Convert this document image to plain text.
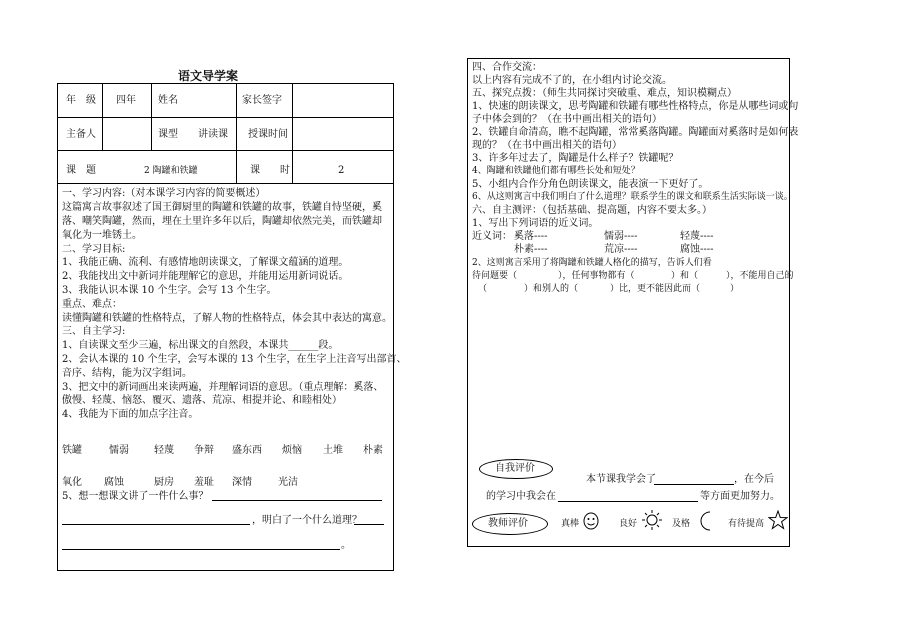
语文导学案
年　级 四年 姓名	家长签字
主备人	课型 讲读课 授课时间
课　题	2 陶罐和铁罐	课　　时	2
一、学习内容:（对本课学习内容的简要概述）
这篇寓言故事叙述了国王御厨里的陶罐和铁罐的故事，铁罐自恃坚硬，奚
落、嘲笑陶罐，然而，埋在土里许多年以后，陶罐却依然完美，而铁罐却
氧化为一堆锈土。
二、学习目标:
1、我能正确、流利、有感情地朗读课文，了解课文蕴涵的道理。
2、我能找出文中新词并能理解它的意思，并能用运用新词说话。
3、我能认识本课 10 个生字。会写 13 个生字。
重点、难点：
读懂陶罐和铁罐的性格特点，了解人物的性格特点，体会其中表达的寓意。
三、自主学习:
1、自读课文至少三遍，标出课文的自然段，本课共______段。
2、会认本课的 10 个生字，会写本课的 13 个生字，在生字上注音写出部首、
音序、结构，能为汉字组词。
3、把文中的新词画出来读两遍，并理解词语的意思。（重点理解：奚落、
傲慢、轻蔑、恼怒、覆灭、遗落、荒凉、相提并论、和睦相处）
4、我能为下面的加点字注音。
铁罐	懦弱	轻蔑 争辩 盛东西 烦恼 土堆 朴素
氧化 腐蚀	厨房 羞耻 深情	光洁
5、想一想课文讲了一件什么事？
，明白了一个什么道理？
。
四、合作交流：
以上内容有完成不了的，在小组内讨论交流。
五、探究点拨：（师生共同探讨突破重、难点，知识模糊点）
1、快速的朗读课文，思考陶罐和铁罐有哪些性格特点，你是从哪些词或句
子中体会到的？（在书中画出相关的语句）
2、铁罐自命清高，瞧不起陶罐，常常奚落陶罐。陶罐面对奚落时是如何表
现的？（在书中画出相关的语句）
3、许多年过去了，陶罐是什么样子？铁罐呢？
4、陶罐和铁罐他们都有哪些长处和短处？
5、小组内合作分角色朗读课文，能表演一下更好了。
6、从这则寓言中我们明白了什么道理？联系学生的课文和联系生活实际谈一谈。
六、自主测评：（包括基础、提高题，内容不要太多。）
1、写出下列词语的近义词。
近义词： 奚落----	懦弱----	轻蔑----
朴素----	荒凉----	腐蚀----
2、这则寓言采用了将陶罐和铁罐人格化的描写，告诉人们看
待问题要（	），任何事物都有（	）和（	），不能用自己的
（	）和别人的（	）比，更不能因此而（	）
自我评价
本节课我学会了	，在今后
的学习中我会在	等方面更加努力。
教师评价	真棒	良好	及格	有待提高
